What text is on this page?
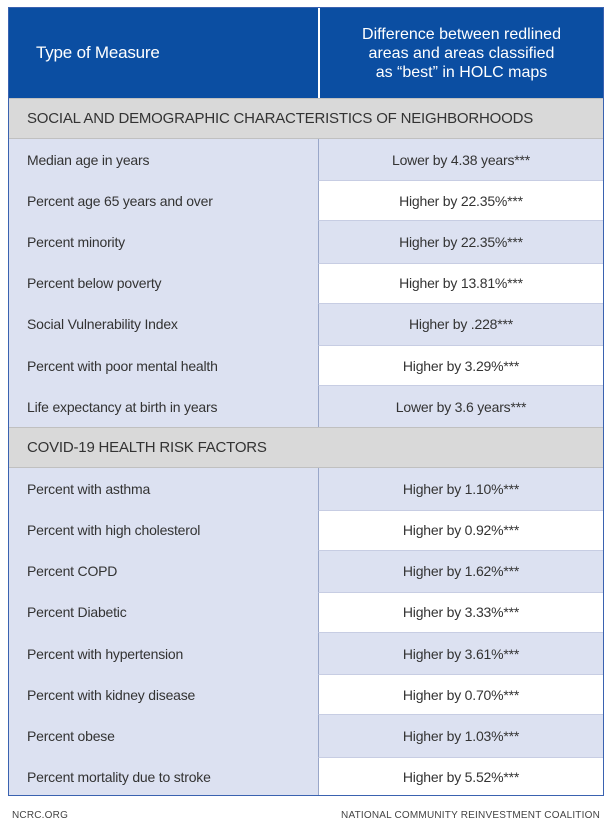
Type of Measure
Difference between redlined
areas and areas classified
as “best” in HOLC maps
SOCIAL AND DEMOGRAPHIC CHARACTERISTICS OF NEIGHBORHOODS
Median age in years	Lower by 4.38 years***
Percent age 65 years and over	Higher by 22.35%***
Percent minority	Higher by 22.35%***
Percent below poverty	Higher by 13.81%***
Social Vulnerability Index	Higher by .228***
Percent with poor mental health	Higher by 3.29%***
Life expectancy at birth in years	Lower by 3.6 years***
COVID-19 HEALTH RISK FACTORS
Percent with asthma	Higher by 1.10%***
Percent with high cholesterol	Higher by 0.92%***
Percent COPD	Higher by 1.62%***
Percent Diabetic	Higher by 3.33%***
Percent with hypertension	Higher by 3.61%***
Percent with kidney disease	Higher by 0.70%***
Percent obese	Higher by 1.03%***
Percent mortality due to stroke	Higher by 5.52%***
NCRC.ORG	NATIONAL COMMUNITY REINVESTMENT COALITION
